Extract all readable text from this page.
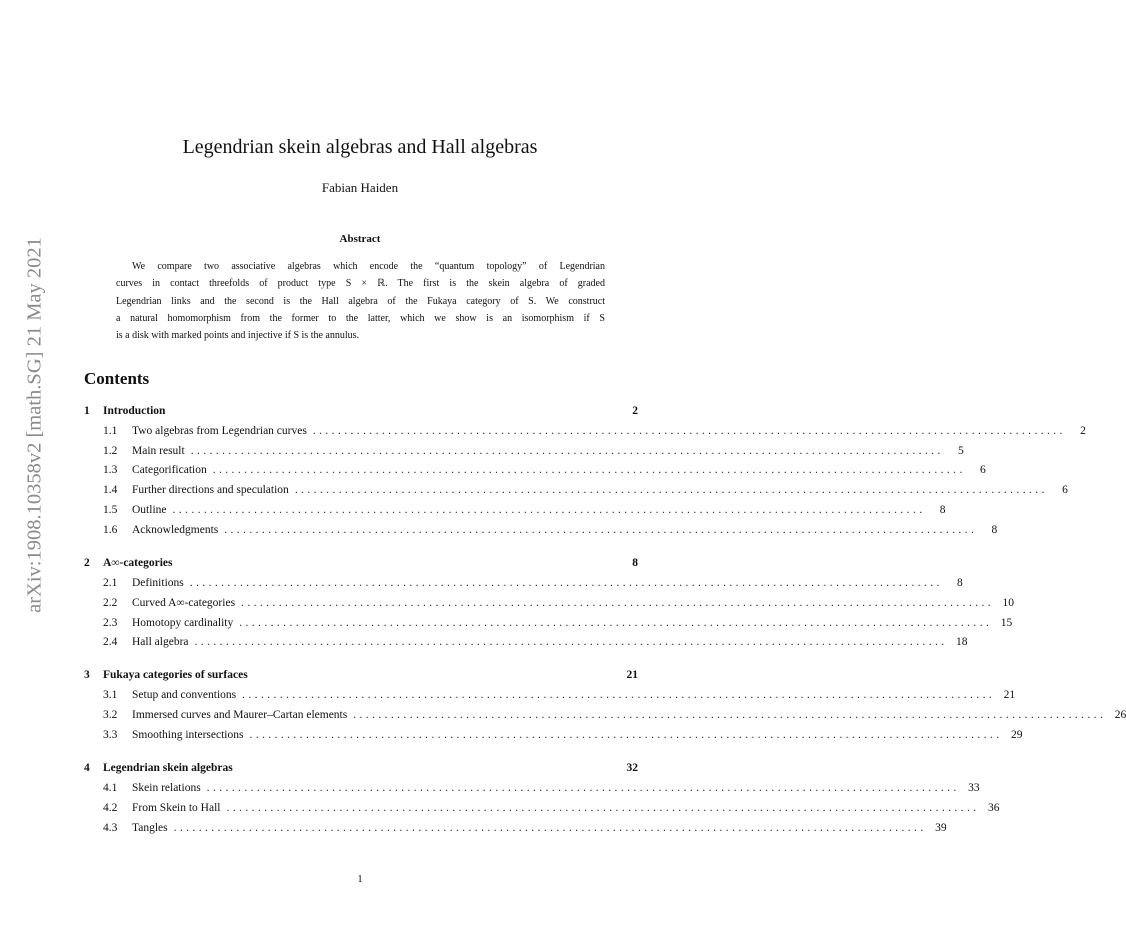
arXiv:1908.10358v2 [math.SG] 21 May 2021
Legendrian skein algebras and Hall algebras
Fabian Haiden
Abstract
We compare two associative algebras which encode the “quantum topology” of Legendrian
curves in contact threefolds of product type S × ℝ. The first is the skein algebra of graded
Legendrian links and the second is the Hall algebra of the Fukaya category of S. We construct
a natural homomorphism from the former to the latter, which we show is an isomorphism if S
is a disk with marked points and injective if S is the annulus.
Contents
1	Introduction	2
1.1	Two algebras from Legendrian curves ........................................................................................................................	2
1.2	Main result ........................................................................................................................	5
1.3	Categorification ........................................................................................................................	6
1.4	Further directions and speculation ........................................................................................................................	6
1.5	Outline ........................................................................................................................	8
1.6	Acknowledgments ........................................................................................................................	8
2	A∞-categories	8
2.1	Definitions ........................................................................................................................	8
2.2	Curved A∞-categories ........................................................................................................................ 10
2.3	Homotopy cardinality ........................................................................................................................ 15
2.4	Hall algebra ........................................................................................................................ 18
3	Fukaya categories of surfaces	21
3.1	Setup and conventions ........................................................................................................................ 21
3.2	Immersed curves and Maurer–Cartan elements ........................................................................................................................ 26
3.3	Smoothing intersections ........................................................................................................................ 29
4	Legendrian skein algebras	32
4.1	Skein relations ........................................................................................................................ 33
4.2	From Skein to Hall ........................................................................................................................ 36
4.3	Tangles ........................................................................................................................ 39
1
